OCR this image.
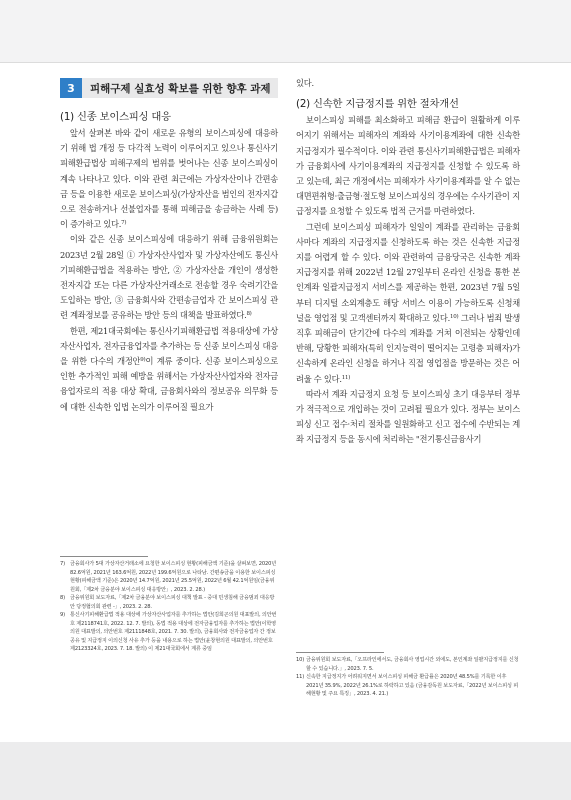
3	피해구제 실효성 확보를 위한 향후 과제
(1) 신종 보이스피싱 대응

앞서 살펴본 바와 같이 새로운 유형의 보이스피싱에 대응하기 위해 법 개정 등 다각적 노력이 이루어지고 있으나 통신사기피해환급법상 피해구제의 범위를 벗어나는 신종 보이스피싱이 계속 나타나고 있다. 이와 관련 최근에는 가상자산이나 간편송금 등을 이용한 새로운 보이스피싱(가상자산을 범인의 전자지갑으로 전송하거나 선불업자를 통해 피해금을 송금하는 사례 등)이 증가하고 있다.$^{7)}$

이와 같은 신종 보이스피싱에 대응하기 위해 금융위원회는 2023년 2월 28일 ① 가상자산사업자 및 가상자산에도 통신사기피해환급법을 적용하는 방안, ② 가상자산을 개인이 생성한 전자지갑 또는 다른 가상자산거래소로 전송할 경우 숙려기간을 도입하는 방안, ③ 금융회사와 간편송금업자 간 보이스피싱 관련 계좌정보를 공유하는 방안 등의 대책을 발표하였다.$^{8)}$

한편, 제21대국회에는 통신사기피해환급법 적용대상에 가상자산사업자, 전자금융업자를 추가하는 등 신종 보이스피싱 대응을 위한 다수의 개정안$^{9)}$이 계류 중이다. 신종 보이스피싱으로 인한 추가적인 피해 예방을 위해서는 가상자산사업자와 전자금융업자로의 적용 대상 확대, 금융회사와의 정보공유 의무화 등에 대한 신속한 입법 논의가 이루어질 필요가

있다.

(2) 신속한 지급정지를 위한 절차개선

보이스피싱 피해를 최소화하고 피해금 환급이 원활하게 이루어지기 위해서는 피해자의 계좌와 사기이용계좌에 대한 신속한 지급정지가 필수적이다. 이와 관련 통신사기피해환급법은 피해자가 금융회사에 사기이용계좌의 지급정지를 신청할 수 있도록 하고 있는데, 최근 개정에서는 피해자가 사기이용계좌를 알 수 없는 대면편취형·출금형·절도형 보이스피싱의 경우에는 수사기관이 지급정지를 요청할 수 있도록 법적 근거를 마련하였다.

그런데 보이스피싱 피해자가 일일이 계좌를 관리하는 금융회사마다 계좌의 지급정지를 신청하도록 하는 것은 신속한 지급정지를 어렵게 할 수 있다. 이와 관련하여 금융당국은 신속한 계좌 지급정지를 위해 2022년 12월 27일부터 온라인 신청을 통한 본인계좌 일괄지급정지 서비스를 제공하는 한편, 2023년 7월 5일부터 디지털 소외계층도 해당 서비스 이용이 가능하도록 신청채널을 영업점 및 고객센터까지 확대하고 있다.$^{10)}$ 그러나 범죄 발생 직후 피해금이 단기간에 다수의 계좌를 거쳐 이전되는 상황인데 반해, 당황한 피해자(특히 인지능력이 떨어지는 고령층 피해자)가 신속하게 온라인 신청을 하거나 직접 영업점을 방문하는 것은 어려울 수 있다.$^{11)}$

따라서 계좌 지급정지 요청 등 보이스피싱 초기 대응부터 정부가 적극적으로 개입하는 것이 고려될 필요가 있다. 정부는 보이스피싱 신고 접수·처리 절차를 일원화하고 신고 접수에 수반되는 계좌 지급정지 등을 동시에 처리하는 "전기통신금융사기

7) 금융회사가 5대 가상자산거래소에 요청한 보이스피싱 현황(피해금액 기준)을 살펴보면, 2020년 82.6억원, 2021년 163.6억원, 2022년 199.6억원으로 나타남. 간편송금을 이용한 보이스피싱 현황(피해금액 기준)은 2020년 14.7억원, 2021년 25.5억원, 2022년 6월 42.1억원임(금융위원회,「제2차 금융분야 보이스피싱 대응방안」, 2023. 2. 28.)
8) 금융위원회 보도자료,「제2차 금융분야 보이스피싱 대책 발표 - 중대 민생침해 금융범죄 대응방안 당정협의회 관련 -」, 2023. 2. 28.
9) 통신사기피해환급법 적용 대상에 가상자산사업자를 추가하는 법안(김희곤의원 대표발의, 의안번호 제2118741호, 2022. 12. 7. 발의), 동법 적용 대상에 전자금융업자를 추가하는 법안(이학영의원 대표발의, 의안번호 제2111848호, 2021. 7. 30. 발의), 금융회사와 전자금융업자 간 정보 공유 및 지급정지 이의신청 사유 추가 등을 내용으로 하는 법안(윤창현의원 대표발의, 의안번호 제2123324호, 2023. 7. 18. 발의) 이 제21대국회에서 계류 중임
10) 금융위원회 보도자료,「오프라인에서도, 금융회사 영업시간 외에도, 본인계좌 일괄지급정지를 신청할 수 있습니다.」, 2023. 7. 5.
11) 신속한 지급정지가 어려워지면서 보이스피싱 피해금 환급률은 2020년 48.5%를 기록한 이후 2021년 35.9%, 2022년 26.1%로 하락하고 있음 (금융감독원 보도자료,「2022년 보이스피싱 피해현황 및 주요 특징」, 2023. 4. 21.)
